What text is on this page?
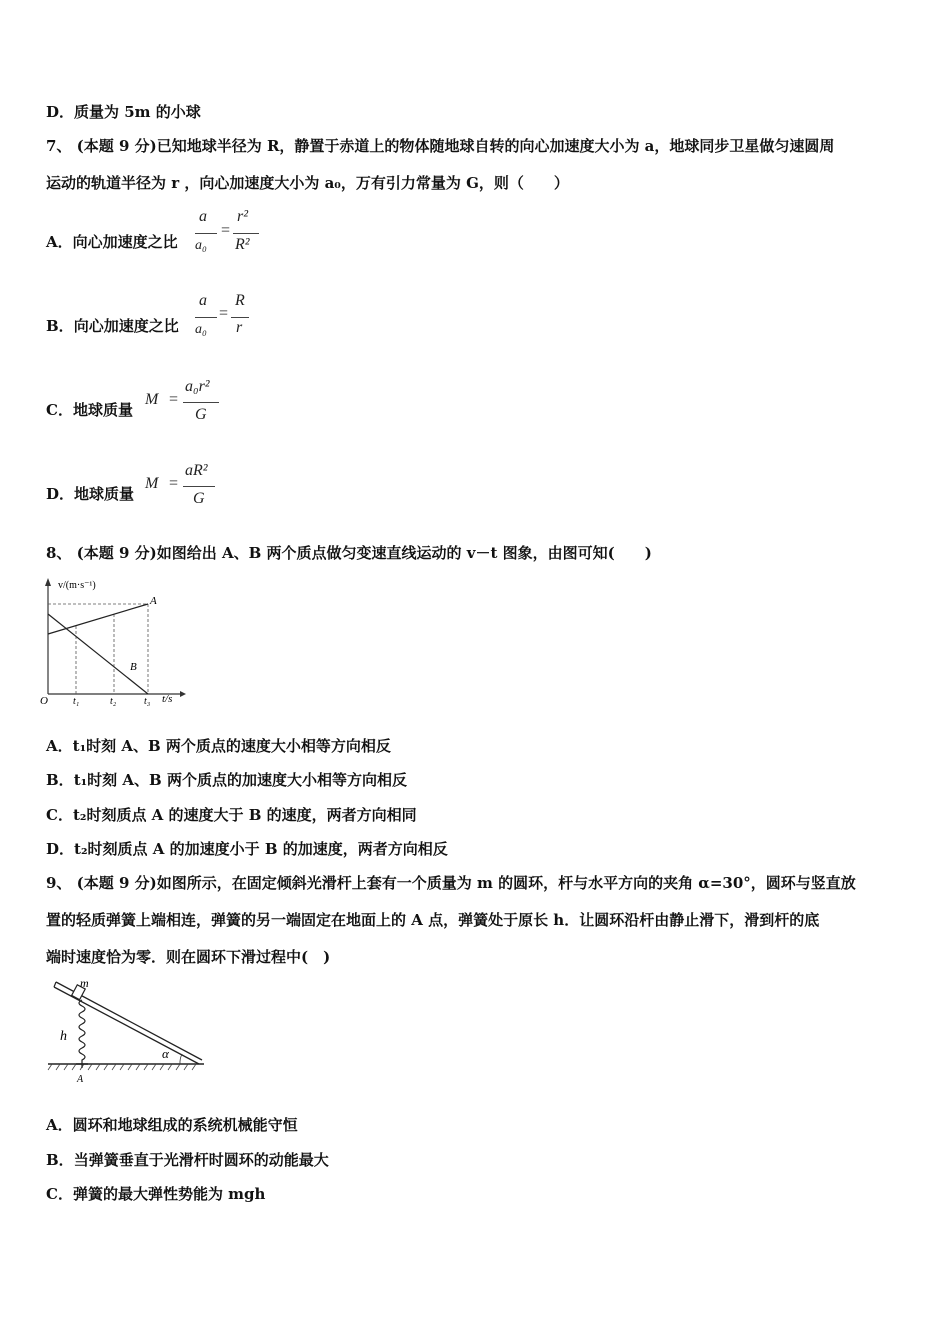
D．质量为 5m 的小球
7、 (本题 9 分)已知地球半径为 R，静置于赤道上的物体随地球自转的向心加速度大小为 a，地球同步卫星做匀速圆周
运动的轨道半径为 r ，向心加速度大小为 a₀，万有引力常量为 G，则（　　）
A．向心加速度之比
a
a₀
=
r²
R²
B．向心加速度之比
a
a₀
=
R
r
C．地球质量
M =
a₀r²
G
D．地球质量
M =
aR²
G
8、 (本题 9 分)如图给出 A、B 两个质点做匀变速直线运动的 v－t 图象，由图可知(　　)
v/(m·s⁻¹)
A
B
O	t₁	t₂	t₃ t/s
A．t₁时刻 A、B 两个质点的速度大小相等方向相反
B．t₁时刻 A、B 两个质点的加速度大小相等方向相反
C．t₂时刻质点 A 的速度大于 B 的速度，两者方向相同
D．t₂时刻质点 A 的加速度小于 B 的加速度，两者方向相反
9、 (本题 9 分)如图所示，在固定倾斜光滑杆上套有一个质量为 m 的圆环，杆与水平方向的夹角 α=30°，圆环与竖直放
置的轻质弹簧上端相连，弹簧的另一端固定在地面上的 A 点，弹簧处于原长 h．让圆环沿杆由静止滑下，滑到杆的底
端时速度恰为零．则在圆环下滑过程中(　)
m
h
α
A
A．圆环和地球组成的系统机械能守恒
B．当弹簧垂直于光滑杆时圆环的动能最大
C．弹簧的最大弹性势能为 mgh
